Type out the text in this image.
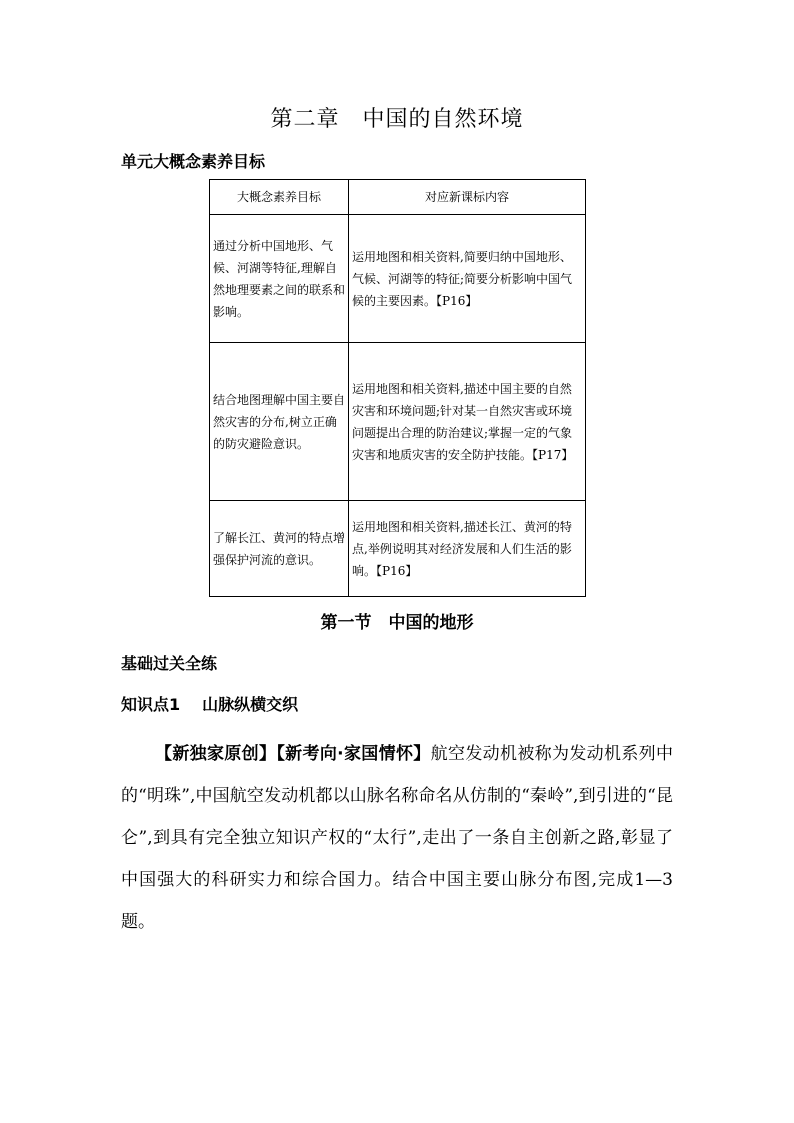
第二章　中国的自然环境
单元大概念素养目标
大概念素养目标	对应新课标内容
通过分析中国地形、气候、河湖等特征,理解自然地理要素之间的联系和影响。	运用地图和相关资料,简要归纳中国地形、气候、河湖等的特征;简要分析影响中国气候的主要因素。【P16】
结合地图理解中国主要自然灾害的分布,树立正确的防灾避险意识。	运用地图和相关资料,描述中国主要的自然灾害和环境问题;针对某一自然灾害或环境问题提出合理的防治建议;掌握一定的气象灾害和地质灾害的安全防护技能。【P17】
了解长江、黄河的特点增强保护河流的意识。	运用地图和相关资料,描述长江、黄河的特点,举例说明其对经济发展和人们生活的影响。【P16】
第一节　中国的地形
基础过关全练
知识点1 山脉纵横交织
【新独家原创】【新考向·家国情怀】航空发动机被称为发动机系列中的“明珠”,中国航空发动机都以山脉名称命名从仿制的“秦岭”,到引进的“昆仑”,到具有完全独立知识产权的“太行”,走出了一条自主创新之路,彰显了中国强大的科研实力和综合国力。结合中国主要山脉分布图,完成1—3题。
